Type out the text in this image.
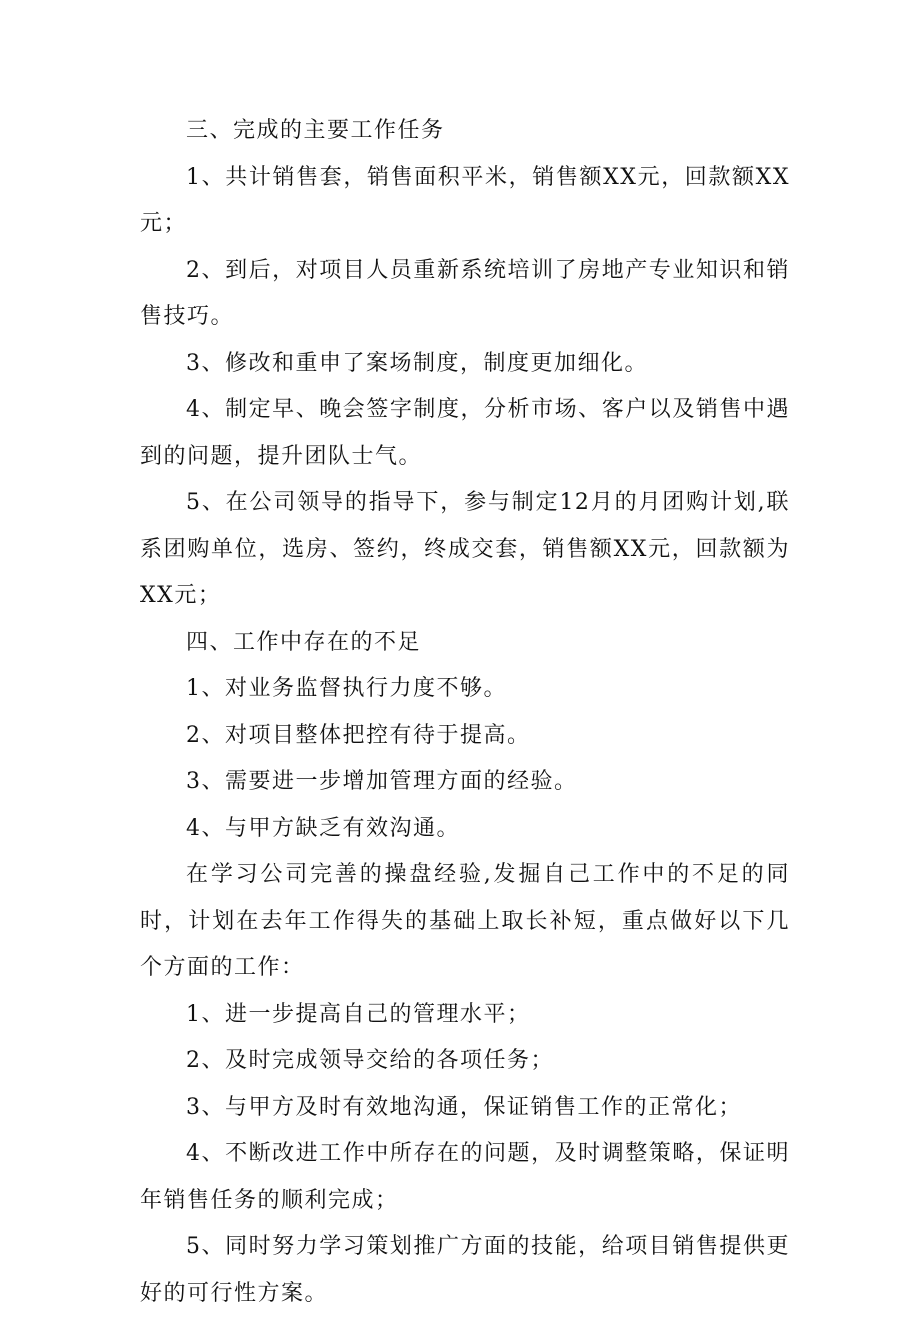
三、完成的主要工作任务

1、共计销售套，销售面积平米，销售额XX元，回款额XX元；

2、到后，对项目人员重新系统培训了房地产专业知识和销售技巧。

3、修改和重申了案场制度，制度更加细化。

4、制定早、晚会签字制度，分析市场、客户以及销售中遇到的问题，提升团队士气。

5、在公司领导的指导下，参与制定12月的月团购计划,联系团购单位，选房、签约，终成交套，销售额XX元，回款额为XX元；

四、工作中存在的不足

1、对业务监督执行力度不够。

2、对项目整体把控有待于提高。

3、需要进一步增加管理方面的经验。

4、与甲方缺乏有效沟通。

在学习公司完善的操盘经验,发掘自己工作中的不足的同时，计划在去年工作得失的基础上取长补短，重点做好以下几个方面的工作：

1、进一步提高自己的管理水平；

2、及时完成领导交给的各项任务；

3、与甲方及时有效地沟通，保证销售工作的正常化；

4、不断改进工作中所存在的问题，及时调整策略，保证明年销售任务的顺利完成；

5、同时努力学习策划推广方面的技能，给项目销售提供更好的可行性方案。
